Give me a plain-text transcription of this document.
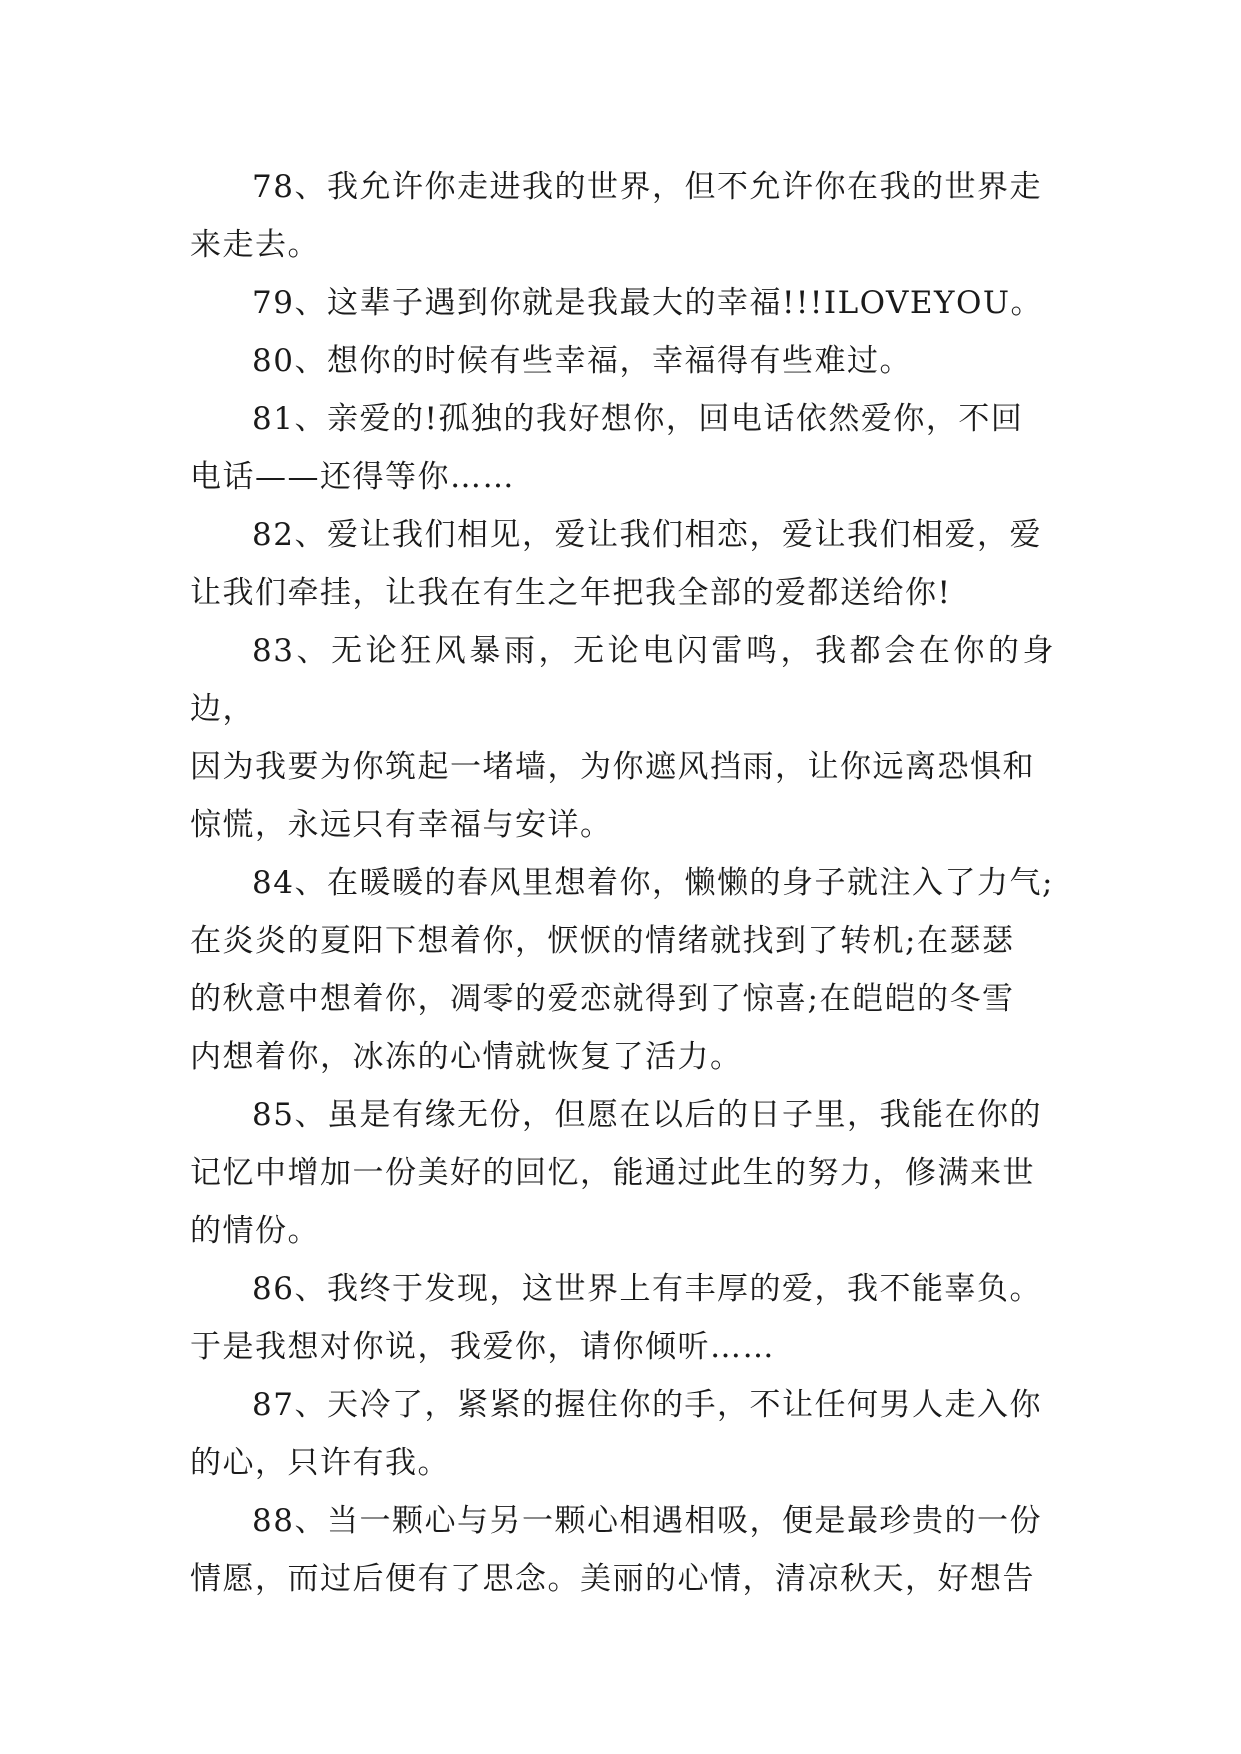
78、我允许你走进我的世界，但不允许你在我的世界走
来走去。

79、这辈子遇到你就是我最大的幸福!!!ILOVEYOU。

80、想你的时候有些幸福，幸福得有些难过。

81、亲爱的!孤独的我好想你，回电话依然爱你，不回
电话——还得等你……

82、爱让我们相见，爱让我们相恋，爱让我们相爱，爱
让我们牵挂，让我在有生之年把我全部的爱都送给你!

83、无论狂风暴雨，无论电闪雷鸣，我都会在你的身边，
因为我要为你筑起一堵墙，为你遮风挡雨，让你远离恐惧和
惊慌，永远只有幸福与安详。

84、在暖暖的春风里想着你，懒懒的身子就注入了力气;
在炎炎的夏阳下想着你，恹恹的情绪就找到了转机;在瑟瑟
的秋意中想着你，凋零的爱恋就得到了惊喜;在皑皑的冬雪
内想着你，冰冻的心情就恢复了活力。

85、虽是有缘无份，但愿在以后的日子里，我能在你的
记忆中增加一份美好的回忆，能通过此生的努力，修满来世
的情份。

86、我终于发现，这世界上有丰厚的爱，我不能辜负。
于是我想对你说，我爱你，请你倾听……

87、天冷了，紧紧的握住你的手，不让任何男人走入你
的心，只许有我。

88、当一颗心与另一颗心相遇相吸，便是最珍贵的一份
情愿，而过后便有了思念。美丽的心情，清凉秋天，好想告
